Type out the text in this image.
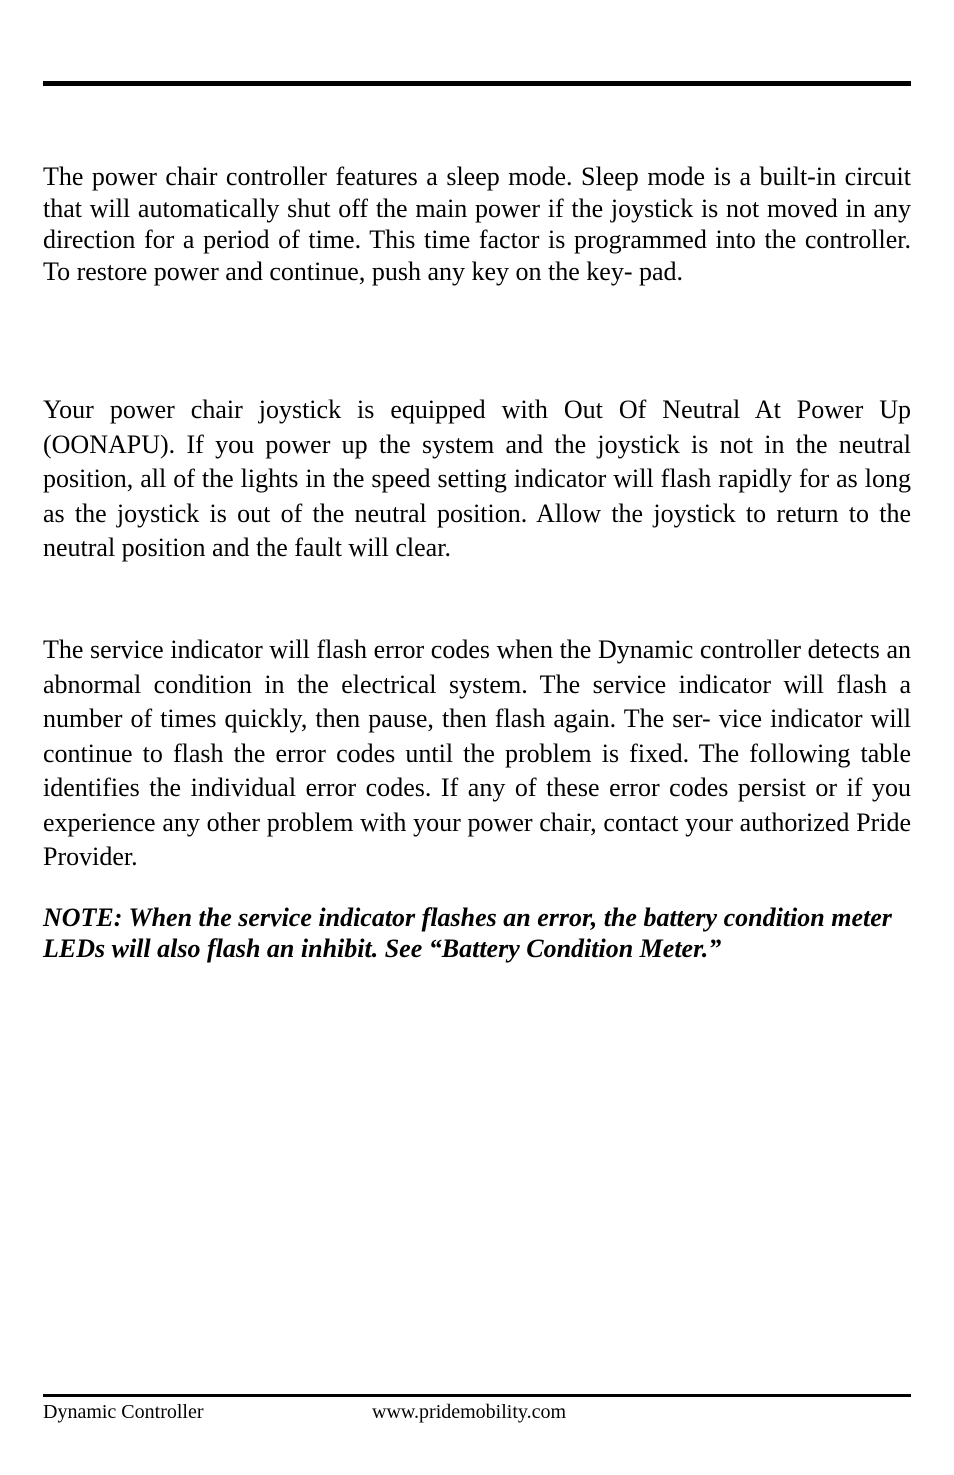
The power chair controller features a sleep mode. Sleep mode is a built-in circuit that will automatically shut off the main power if the joystick is not moved in any direction for a period of time. This time factor is programmed into the controller. To restore power and continue, push any key on the key- pad.

Your power chair joystick is equipped with Out Of Neutral At Power Up (OONAPU). If you power up the system and the joystick is not in the neutral position, all of the lights in the speed setting indicator will flash rapidly for as long as the joystick is out of the neutral position. Allow the joystick to return to the neutral position and the fault will clear.

The service indicator will flash error codes when the Dynamic controller detects an abnormal condition in the electrical system. The service indicator will flash a number of times quickly, then pause, then flash again. The ser- vice indicator will continue to flash the error codes until the problem is fixed. The following table identifies the individual error codes. If any of these error codes persist or if you experience any other problem with your power chair, contact your authorized Pride Provider.

NOTE: When the service indicator flashes an error, the battery condition meter LEDs will also flash an inhibit. See “Battery Condition Meter.”

Dynamic Controller	www.pridemobility.com
